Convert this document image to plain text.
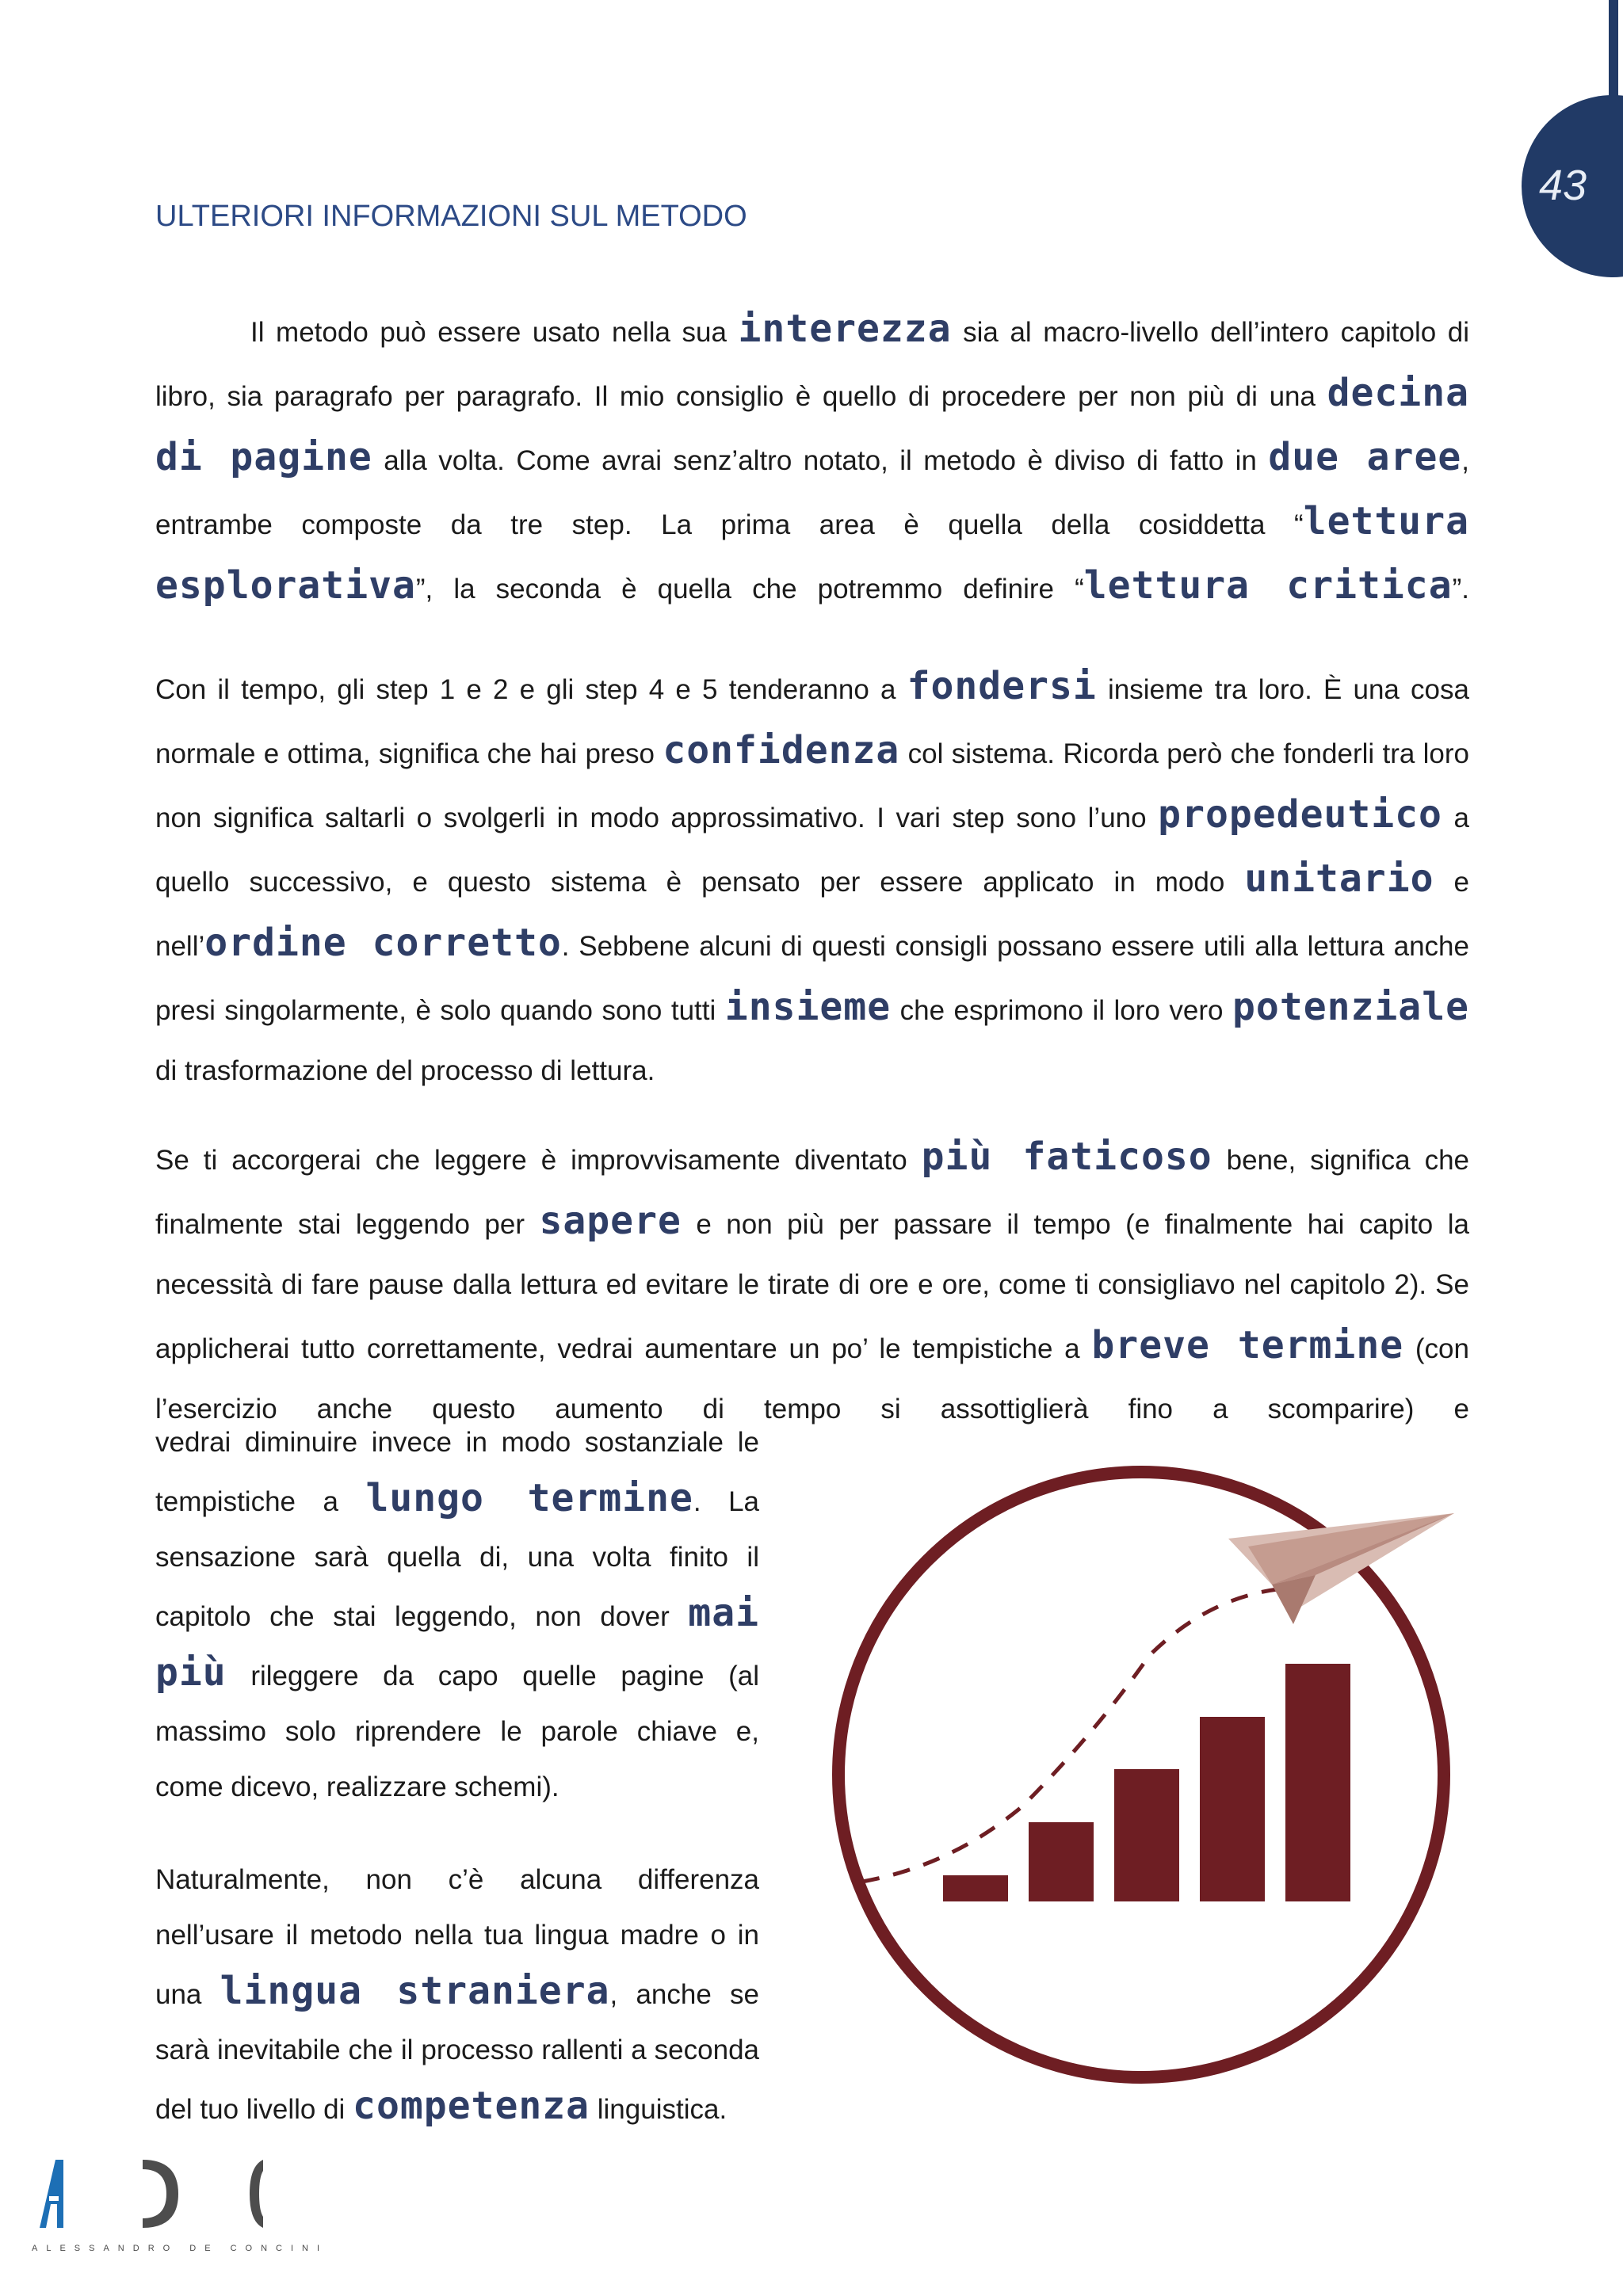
43
ULTERIORI INFORMAZIONI SUL METODO

Il metodo può essere usato nella sua interezza sia al macro-livello dell’intero capitolo di libro, sia paragrafo per paragrafo. Il mio consiglio è quello di procedere per non più di una decina di pagine alla volta. Come avrai senz’altro notato, il metodo è diviso di fatto in due aree, entrambe composte da tre step. La prima area è quella della cosiddetta “lettura esplorativa”, la seconda è quella che potremmo definire “lettura critica”.

Con il tempo, gli step 1 e 2 e gli step 4 e 5 tenderanno a fondersi insieme tra loro. È una cosa normale e ottima, significa che hai preso confidenza col sistema. Ricorda però che fonderli tra loro non significa saltarli o svolgerli in modo approssimativo. I vari step sono l’uno propedeutico a quello successivo, e questo sistema è pensato per essere applicato in modo unitario e nell’ordine corretto. Sebbene alcuni di questi consigli possano essere utili alla lettura anche presi singolarmente, è solo quando sono tutti insieme che esprimono il loro vero potenziale di trasformazione del processo di lettura.

Se ti accorgerai che leggere è improvvisamente diventato più faticoso bene, significa che finalmente stai leggendo per sapere e non più per passare il tempo (e finalmente hai capito la necessità di fare pause dalla lettura ed evitare le tirate di ore e ore, come ti consigliavo nel capitolo 2). Se applicherai tutto correttamente, vedrai aumentare un po’ le tempistiche a breve termine (con l’esercizio anche questo aumento di tempo si assottiglierà fino a scomparire) e

vedrai diminuire invece in modo sostanziale le tempistiche a lungo termine. La sensazione sarà quella di, una volta finito il capitolo che stai leggendo, non dover mai più rileggere da capo quelle pagine (al massimo solo riprendere le parole chiave e, come dicevo, realizzare schemi).

Naturalmente, non c’è alcuna differenza nell’usare il metodo nella tua lingua madre o in una lingua straniera, anche se sarà inevitabile che il processo rallenti a seconda del tuo livello di competenza linguistica.

ALESSANDRO DE CONCINI
